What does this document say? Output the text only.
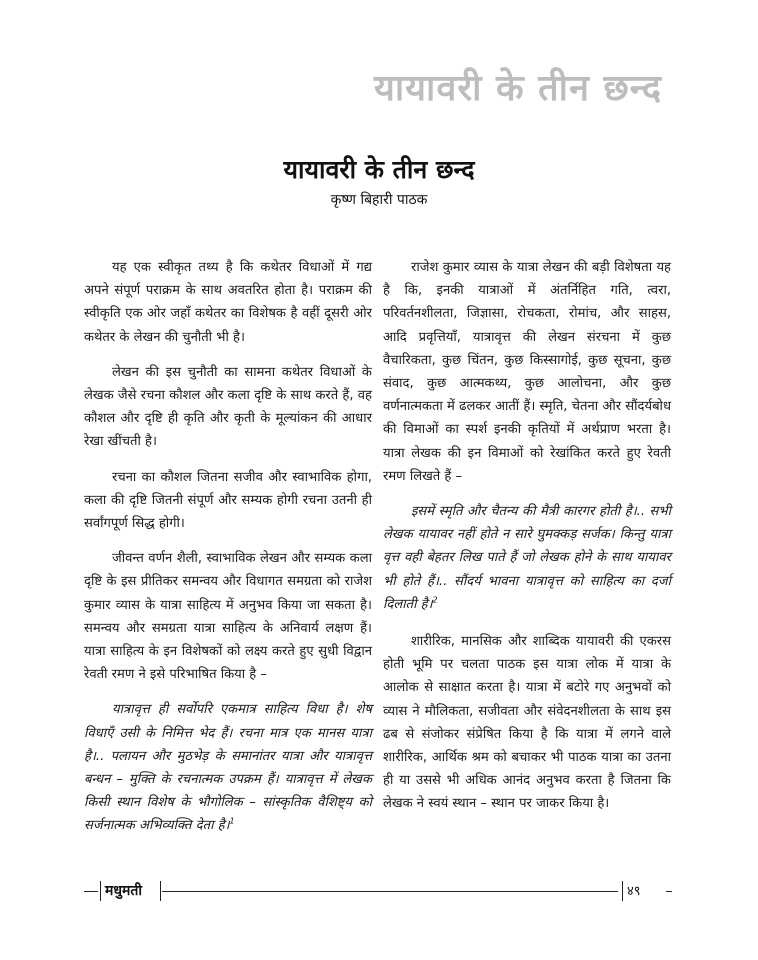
यायावरी के तीन छन्द
यायावरी के तीन छन्द
कृष्ण बिहारी पाठक

यह एक स्वीकृत तथ्य है कि कथेतर विधाओं में गद्य अपने संपूर्ण पराक्रम के साथ अवतरित होता है। पराक्रम की स्वीकृति एक ओर जहाँ कथेतर का विशेषक है वहीं दूसरी ओर कथेतर के लेखन की चुनौती भी है।

लेखन की इस चुनौती का सामना कथेतर विधाओं के लेखक जैसे रचना कौशल और कला दृष्टि के साथ करते हैं, वह कौशल और दृष्टि ही कृति और कृती के मूल्यांकन की आधार रेखा खींचती है।

रचना का कौशल जितना सजीव और स्वाभाविक होगा, कला की दृष्टि जितनी संपूर्ण और सम्यक होगी रचना उतनी ही सर्वांगपूर्ण सिद्ध होगी।

जीवन्त वर्णन शैली, स्वाभाविक लेखन और सम्यक कला दृष्टि के इस प्रीतिकर समन्वय और विधागत समग्रता को राजेश कुमार व्यास के यात्रा साहित्य में अनुभव किया जा सकता है। समन्वय और समग्रता यात्रा साहित्य के अनिवार्य लक्षण हैं। यात्रा साहित्य के इन विशेषकों को लक्ष्य करते हुए सुधी विद्वान रेवती रमण ने इसे परिभाषित किया है –

यात्रावृत्त ही सर्वोपरि एकमात्र साहित्य विधा है। शेष विधाएँ उसी के निमित्त भेद हैं। रचना मात्र एक मानस यात्रा है।.. पलायन और मुठभेड़ के समानांतर यात्रा और यात्रावृत्त बन्धन – मुक्ति के रचनात्मक उपक्रम हैं। यात्रावृत्त में लेखक किसी स्थान विशेष के भौगोलिक – सांस्कृतिक वैशिष्ट्य को सर्जनात्मक अभिव्यक्ति देता है।$^1$

राजेश कुमार व्यास के यात्रा लेखन की बड़ी विशेषता यह है कि, इनकी यात्राओं में अंतर्निहित गति, त्वरा, परिवर्तनशीलता, जिज्ञासा, रोचकता, रोमांच, और साहस, आदि प्रवृत्तियाँ, यात्रावृत्त की लेखन संरचना में कुछ वैचारिकता, कुछ चिंतन, कुछ किस्सागोई, कुछ सूचना, कुछ संवाद, कुछ आत्मकथ्य, कुछ आलोचना, और कुछ वर्णनात्मकता में ढलकर आतीं हैं। स्मृति, चेतना और सौंदर्यबोध की विमाओं का स्पर्श इनकी कृतियों में अर्थप्राण भरता है। यात्रा लेखक की इन विमाओं को रेखांकित करते हुए रेवती रमण लिखते हैं –

इसमें स्मृति और चैतन्य की मैत्री कारगर होती है।.. सभी लेखक यायावर नहीं होते न सारे घुमक्कड़ सर्जक। किन्तु यात्रा वृत्त वही बेहतर लिख पाते हैं जो लेखक होने के साथ यायावर भी होते हैं।.. सौंदर्य भावना यात्रावृत्त को साहित्य का दर्जा दिलाती है।$^2$

शारीरिक, मानसिक और शाब्दिक यायावरी की एकरस होती भूमि पर चलता पाठक इस यात्रा लोक में यात्रा के आलोक से साक्षात करता है। यात्रा में बटोरे गए अनुभवों को व्यास ने मौलिकता, सजीवता और संवेदनशीलता के साथ इस ढब से संजोकर संप्रेषित किया है कि यात्रा में लगने वाले शारीरिक, आर्थिक श्रम को बचाकर भी पाठक यात्रा का उतना ही या उससे भी अधिक आनंद अनुभव करता है जितना कि लेखक ने स्वयं स्थान – स्थान पर जाकर किया है।

मधुमती	४९
